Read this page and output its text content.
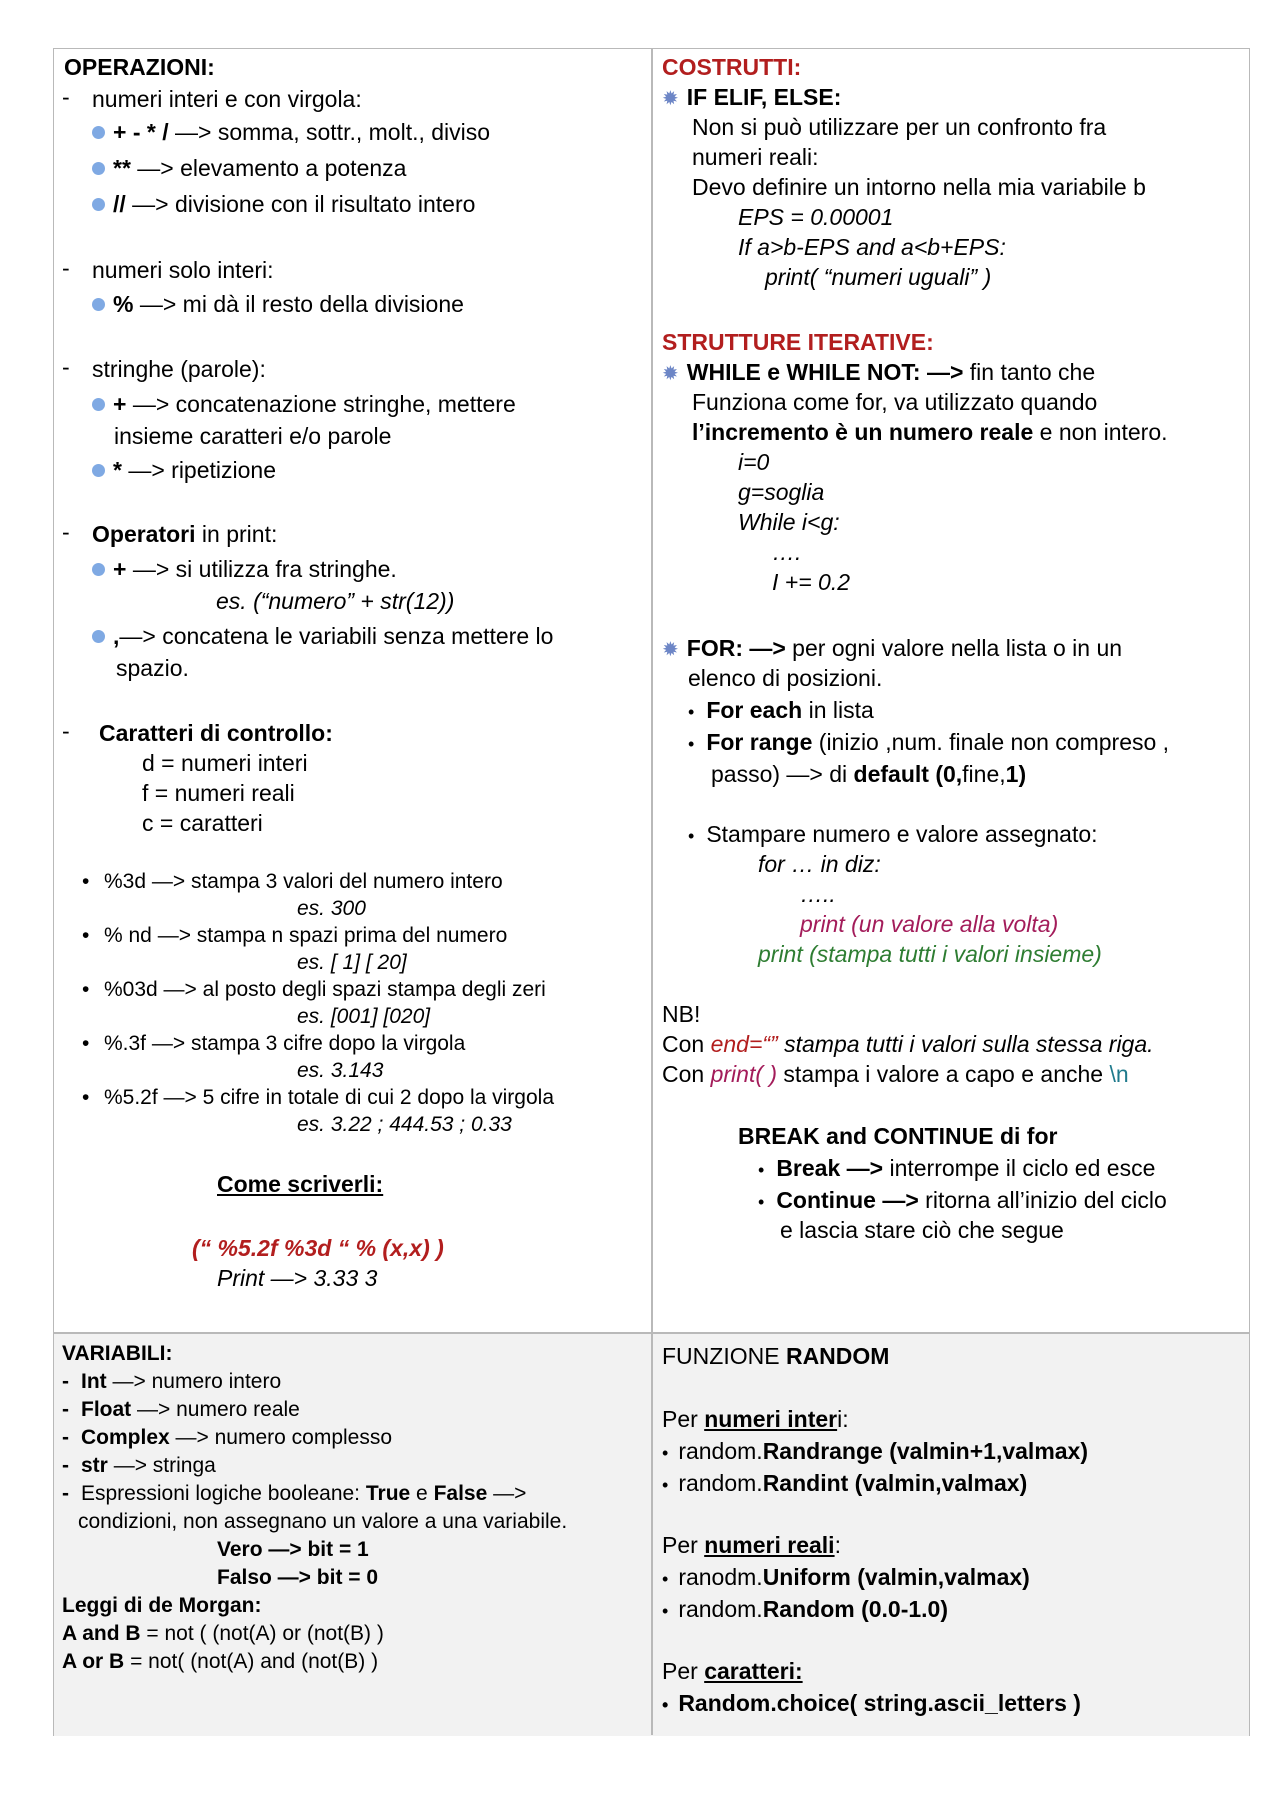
OPERAZIONI:
- numeri interi e con virgola:
+ - * / —> somma, sottr., molt., diviso
** —> elevamento a potenza
// —> divisione con il risultato intero
- numeri solo interi:
% —> mi dà il resto della divisione
- stringhe (parole):
+ —> concatenazione stringhe, mettere
insieme caratteri e/o parole
* —> ripetizione
- Operatori in print:
+ —> si utilizza fra stringhe.
es. (“numero” + str(12))
,—> concatena le variabili senza mettere lo
spazio.
- Caratteri di controllo:
d = numeri interi
f = numeri reali
c = caratteri
• %3d —> stampa 3 valori del numero intero
es. 300
• % nd —> stampa n spazi prima del numero
es. [ 1] [ 20]
• %03d —> al posto degli spazi stampa degli zeri
es. [001] [020]
• %.3f —> stampa 3 cifre dopo la virgola
es. 3.143
• %5.2f —> 5 cifre in totale di cui 2 dopo la virgola
es. 3.22 ; 444.53 ; 0.33
Come scriverli:
(“ %5.2f %3d “ % (x,x) )
Print —> 3.33 3
COSTRUTTI:
✹ IF ELIF, ELSE:
Non si può utilizzare per un confronto fra
numeri reali:
Devo definire un intorno nella mia variabile b
EPS = 0.00001
If a>b-EPS and a<b+EPS:
print( “numeri uguali” )
STRUTTURE ITERATIVE:
✹ WHILE e WHILE NOT: —> fin tanto che
Funziona come for, va utilizzato quando
l’incremento è un numero reale e non intero.
i=0
g=soglia
While i<g:
….
I += 0.2
✹ FOR: —> per ogni valore nella lista o in un
elenco di posizioni.
• For each in lista
• For range (inizio ,num. finale non compreso ,
passo) —> di default (0,fine,1)
• Stampare numero e valore assegnato:
for … in diz:
…..
print (un valore alla volta)
print (stampa tutti i valori insieme)
NB!
Con end=“” stampa tutti i valori sulla stessa riga.
Con print( ) stampa i valore a capo e anche \n
BREAK and CONTINUE di for
• Break —> interrompe il ciclo ed esce
• Continue —> ritorna all’inizio del ciclo
e lascia stare ciò che segue
VARIABILI:
- Int —> numero intero
- Float —> numero reale
- Complex —> numero complesso
- str —> stringa
- Espressioni logiche booleane: True e False —>
condizioni, non assegnano un valore a una variabile.
Vero —> bit = 1
Falso —> bit = 0
Leggi di de Morgan:
A and B = not ( (not(A) or (not(B) )
A or B = not( (not(A) and (not(B) )
FUNZIONE RANDOM
Per numeri interi:
• random.Randrange (valmin+1,valmax)
• random.Randint (valmin,valmax)
Per numeri reali:
• ranodm.Uniform (valmin,valmax)
• random.Random (0.0-1.0)
Per caratteri:
• Random.choice( string.ascii_letters )
